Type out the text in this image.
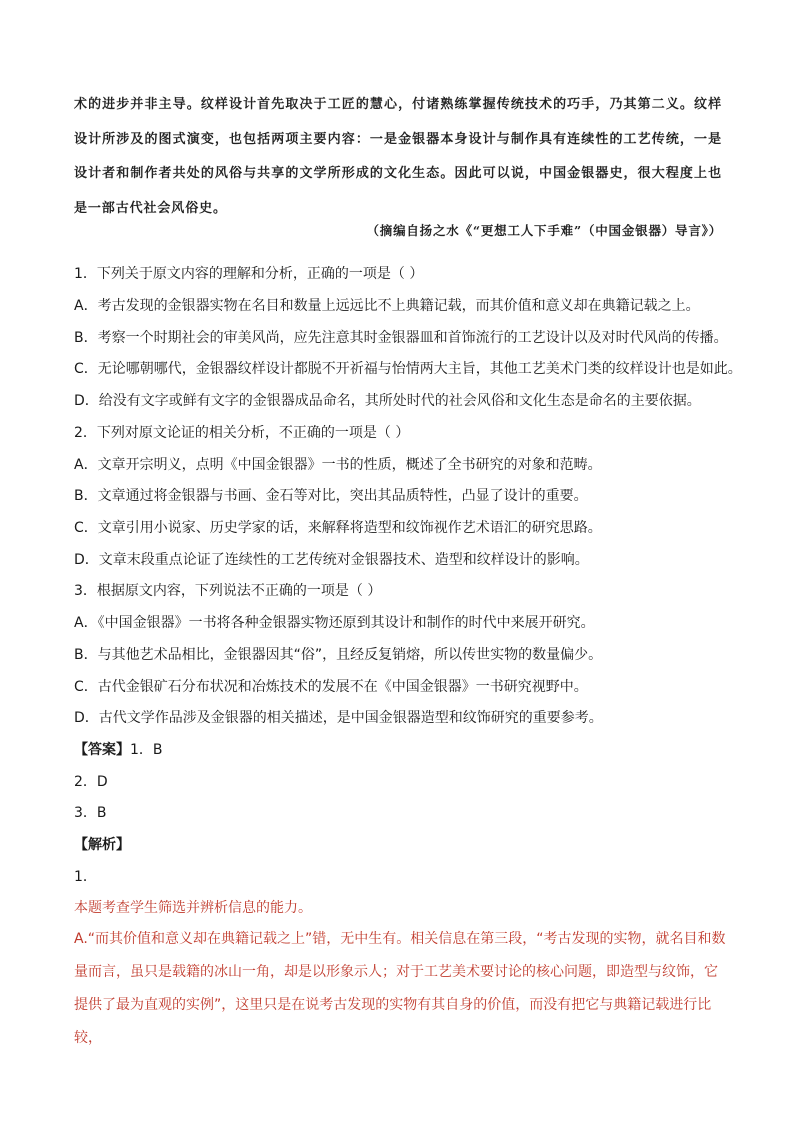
术的进步并非主导。纹样设计首先取决于工匠的慧心，付诸熟练掌握传统技术的巧手，乃其第二义。纹样设计所涉及的图式演变，也包括两项主要内容：一是金银器本身设计与制作具有连续性的工艺传统，一是设计者和制作者共处的风俗与共享的文学所形成的文化生态。因此可以说，中国金银器史，很大程度上也是一部古代社会风俗史。
（摘编自扬之水《“更想工人下手难”（中国金银器）导言》）
1．下列关于原文内容的理解和分析，正确的一项是（ ）
A．考古发现的金银器实物在名目和数量上远远比不上典籍记载，而其价值和意义却在典籍记载之上。
B．考察一个时期社会的审美风尚，应先注意其时金银器皿和首饰流行的工艺设计以及对时代风尚的传播。
C．无论哪朝哪代，金银器纹样设计都脱不开祈福与怡情两大主旨，其他工艺美术门类的纹样设计也是如此。
D．给没有文字或鲜有文字的金银器成品命名，其所处时代的社会风俗和文化生态是命名的主要依据。
2．下列对原文论证的相关分析，不正确的一项是（ ）
A．文章开宗明义，点明《中国金银器》一书的性质，概述了全书研究的对象和范畴。
B．文章通过将金银器与书画、金石等对比，突出其品质特性，凸显了设计的重要。
C．文章引用小说家、历史学家的话，来解释将造型和纹饰视作艺术语汇的研究思路。
D．文章末段重点论证了连续性的工艺传统对金银器技术、造型和纹样设计的影响。
3．根据原文内容，下列说法不正确的一项是（ ）
A．《中国金银器》一书将各种金银器实物还原到其设计和制作的时代中来展开研究。
B．与其他艺术品相比，金银器因其“俗”，且经反复销熔，所以传世实物的数量偏少。
C．古代金银矿石分布状况和冶炼技术的发展不在《中国金银器》一书研究视野中。
D．古代文学作品涉及金银器的相关描述，是中国金银器造型和纹饰研究的重要参考。
【答案】1．B
2．D
3．B
【解析】
1．
本题考查学生筛选并辨析信息的能力。
A.“而其价值和意义却在典籍记载之上”错，无中生有。相关信息在第三段，“考古发现的实物，就名目和数量而言，虽只是载籍的冰山一角，却是以形象示人；对于工艺美术要讨论的核心问题，即造型与纹饰，它提供了最为直观的实例”，这里只是在说考古发现的实物有其自身的价值，而没有把它与典籍记载进行比较，
